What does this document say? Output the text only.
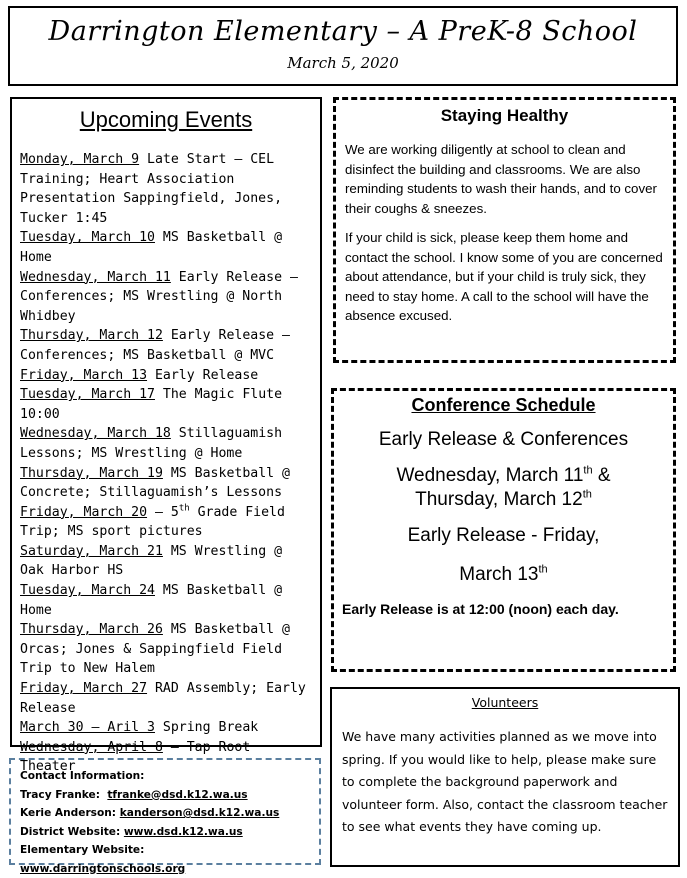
Darrington Elementary – A PreK-8 School
March 5, 2020
Upcoming Events
Monday, March 9 Late Start – CEL Training; Heart Association Presentation Sappingfield, Jones, Tucker 1:45
Tuesday, March 10 MS Basketball @ Home
Wednesday, March 11 Early Release – Conferences; MS Wrestling @ North Whidbey
Thursday, March 12 Early Release – Conferences; MS Basketball @ MVC
Friday, March 13 Early Release
Tuesday, March 17 The Magic Flute 10:00
Wednesday, March 18 Stillaguamish Lessons; MS Wrestling @ Home
Thursday, March 19 MS Basketball @ Concrete; Stillaguamish’s Lessons
Friday, March 20 – 5th Grade Field Trip; MS sport pictures
Saturday, March 21 MS Wrestling @ Oak Harbor HS
Tuesday, March 24 MS Basketball @ Home
Thursday, March 26 MS Basketball @ Orcas; Jones & Sappingfield Field Trip to New Halem
Friday, March 27 RAD Assembly; Early Release
March 30 – Aril 3 Spring Break
Wednesday, April 8 – Tap Root Theater
Staying Healthy

We are working diligently at school to clean and disinfect the building and classrooms. We are also reminding students to wash their hands, and to cover their coughs & sneezes.

If your child is sick, please keep them home and contact the school. I know some of you are concerned about attendance, but if your child is truly sick, they need to stay home. A call to the school will have the absence excused.

Conference Schedule
Early Release & Conferences
Wednesday, March 11th &
Thursday, March 12th
Early Release - Friday,
March 13th
Early Release is at 12:00 (noon) each day.
Volunteers
We have many activities planned as we move into spring. If you would like to help, please make sure to complete the background paperwork and volunteer form. Also, contact the classroom teacher to see what events they have coming up.
Contact Information:
Tracy Franke: tfranke@dsd.k12.wa.us
Kerie Anderson: kanderson@dsd.k12.wa.us
District Website: www.dsd.k12.wa.us
Elementary Website: www.darringtonschools.org
